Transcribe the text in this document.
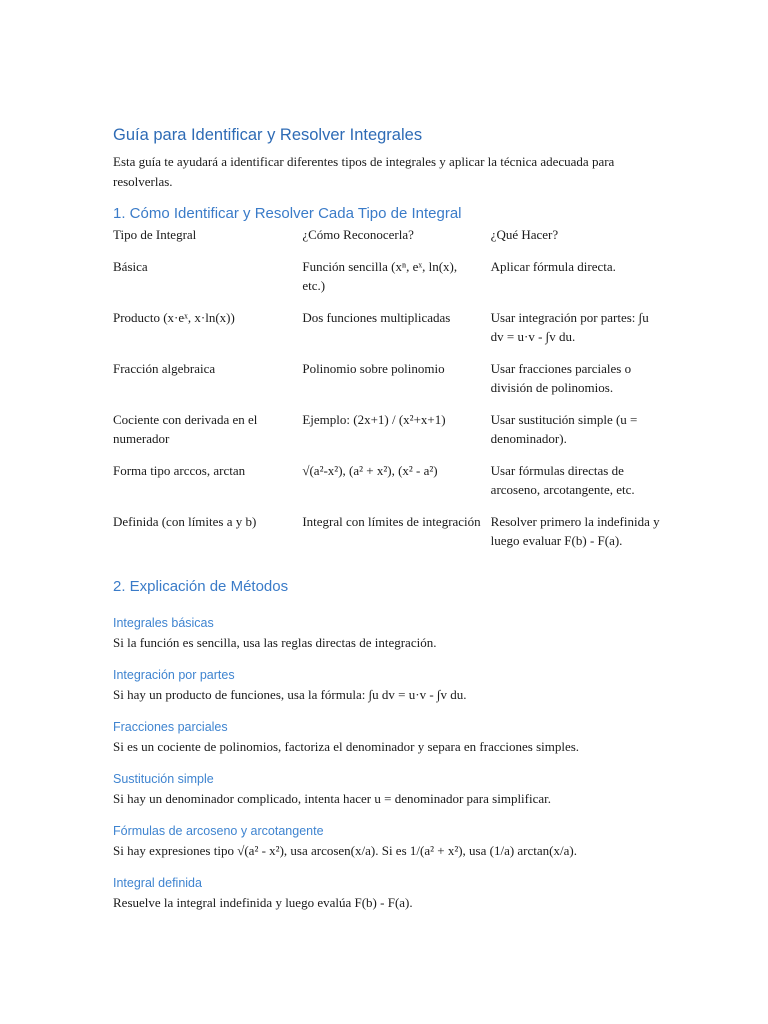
Guía para Identificar y Resolver Integrales

Esta guía te ayudará a identificar diferentes tipos de integrales y aplicar la técnica adecuada para resolverlas.

1. Cómo Identificar y Resolver Cada Tipo de Integral
Tipo de Integral	¿Cómo Reconocerla?	¿Qué Hacer?
Básica	Función sencilla (xⁿ, eˣ, ln(x), etc.)	Aplicar fórmula directa.
Producto (x·eˣ, x·ln(x))	Dos funciones multiplicadas	Usar integración por partes: ∫u dv = u·v - ∫v du.
Fracción algebraica	Polinomio sobre polinomio	Usar fracciones parciales o división de polinomios.
Cociente con derivada en el numerador	Ejemplo: (2x+1) / (x²+x+1)	Usar sustitución simple (u = denominador).
Forma tipo arccos, arctan	√(a²-x²), (a² + x²), (x² - a²)	Usar fórmulas directas de arcoseno, arcotangente, etc.
Definida (con límites a y b)	Integral con límites de integración	Resolver primero la indefinida y luego evaluar F(b) - F(a).
2. Explicación de Métodos
Integrales básicas

Si la función es sencilla, usa las reglas directas de integración.

Integración por partes

Si hay un producto de funciones, usa la fórmula: ∫u dv = u·v - ∫v du.

Fracciones parciales

Si es un cociente de polinomios, factoriza el denominador y separa en fracciones simples.

Sustitución simple

Si hay un denominador complicado, intenta hacer u = denominador para simplificar.

Fórmulas de arcoseno y arcotangente

Si hay expresiones tipo √(a² - x²), usa arcosen(x/a). Si es 1/(a² + x²), usa (1/a) arctan(x/a).

Integral definida

Resuelve la integral indefinida y luego evalúa F(b) - F(a).
